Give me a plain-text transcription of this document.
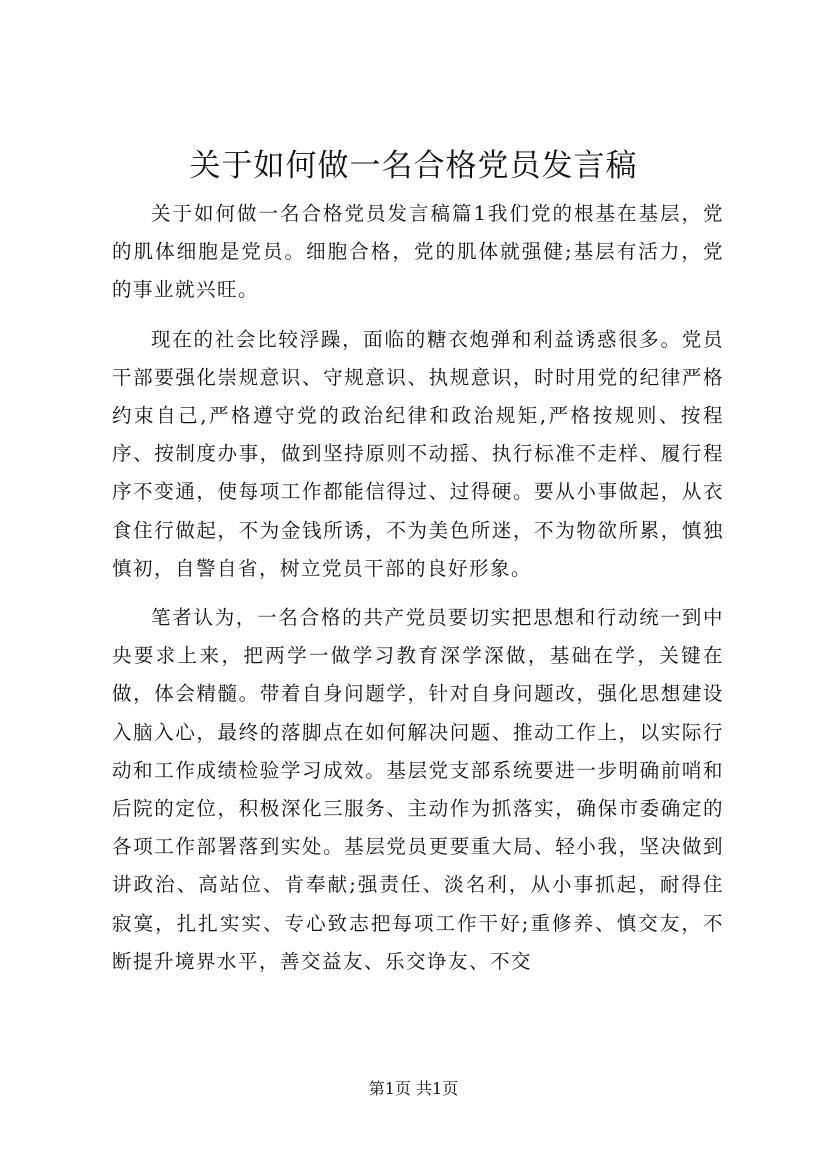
关于如何做一名合格党员发言稿

关于如何做一名合格党员发言稿篇1我们党的根基在基层，党的肌体细胞是党员。细胞合格，党的肌体就强健;基层有活力，党的事业就兴旺。

现在的社会比较浮躁，面临的糖衣炮弹和利益诱惑很多。党员干部要强化崇规意识、守规意识、执规意识，时时用党的纪律严格约束自己,严格遵守党的政治纪律和政治规矩,严格按规则、按程序、按制度办事，做到坚持原则不动摇、执行标准不走样、履行程序不变通，使每项工作都能信得过、过得硬。要从小事做起，从衣食住行做起，不为金钱所诱，不为美色所迷，不为物欲所累，慎独慎初，自警自省，树立党员干部的良好形象。

笔者认为，一名合格的共产党员要切实把思想和行动统一到中央要求上来，把两学一做学习教育深学深做，基础在学，关键在做，体会精髓。带着自身问题学，针对自身问题改，强化思想建设入脑入心，最终的落脚点在如何解决问题、推动工作上，以实际行动和工作成绩检验学习成效。基层党支部系统要进一步明确前哨和后院的定位，积极深化三服务、主动作为抓落实，确保市委确定的各项工作部署落到实处。基层党员更要重大局、轻小我，坚决做到讲政治、高站位、肯奉献;强责任、淡名利，从小事抓起，耐得住寂寞，扎扎实实、专心致志把每项工作干好;重修养、慎交友，不断提升境界水平，善交益友、乐交诤友、不交

第1页 共1页
